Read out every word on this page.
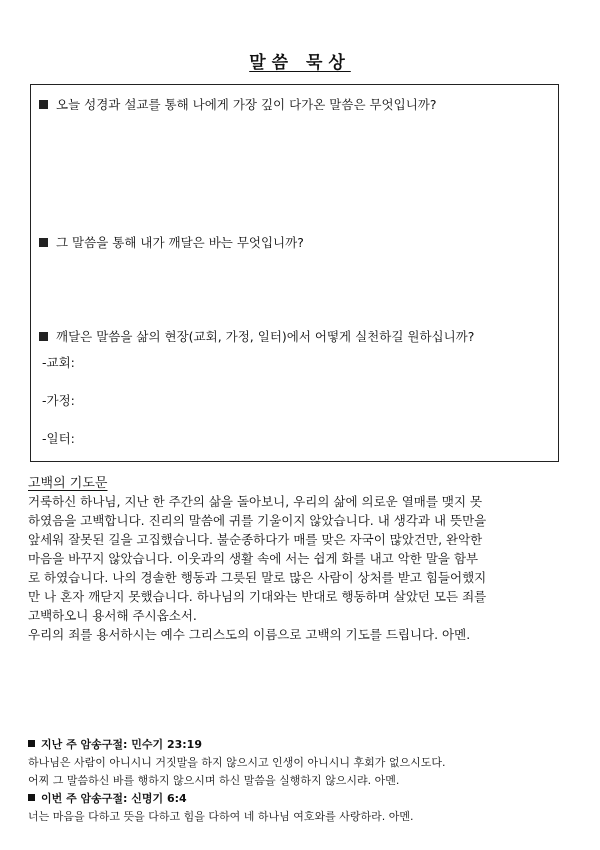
말씀 묵상
오늘 성경과 설교를 통해 나에게 가장 깊이 다가온 말씀은 무엇입니까?
그 말씀을 통해 내가 깨달은 바는 무엇입니까?
깨달은 말씀을 삶의 현장(교회, 가정, 일터)에서 어떻게 실천하길 원하십니까?
-교회:
-가정:
-일터:
고백의 기도문
거룩하신 하나님, 지난 한 주간의 삶을 돌아보니, 우리의 삶에 의로운 열매를 맺지 못
하였음을 고백합니다. 진리의 말씀에 귀를 기울이지 않았습니다. 내 생각과 내 뜻만을
앞세워 잘못된 길을 고집했습니다. 불순종하다가 매를 맞은 자국이 많았건만, 완악한
마음을 바꾸지 않았습니다. 이웃과의 생활 속에 서는 쉽게 화를 내고 악한 말을 함부
로 하였습니다. 나의 경솔한 행동과 그릇된 말로 많은 사람이 상처를 받고 힘들어했지
만 나 혼자 깨닫지 못했습니다. 하나님의 기대와는 반대로 행동하며 살았던 모든 죄를
고백하오니 용서해 주시옵소서.
우리의 죄를 용서하시는 예수 그리스도의 이름으로 고백의 기도를 드립니다. 아멘.
지난 주 암송구절: 민수기 23:19
하나님은 사람이 아니시니 거짓말을 하지 않으시고 인생이 아니시니 후회가 없으시도다.
어찌 그 말씀하신 바를 행하지 않으시며 하신 말씀을 실행하지 않으시랴. 아멘.
이번 주 암송구절: 신명기 6:4
너는 마음을 다하고 뜻을 다하고 힘을 다하여 네 하나님 여호와를 사랑하라. 아멘.
